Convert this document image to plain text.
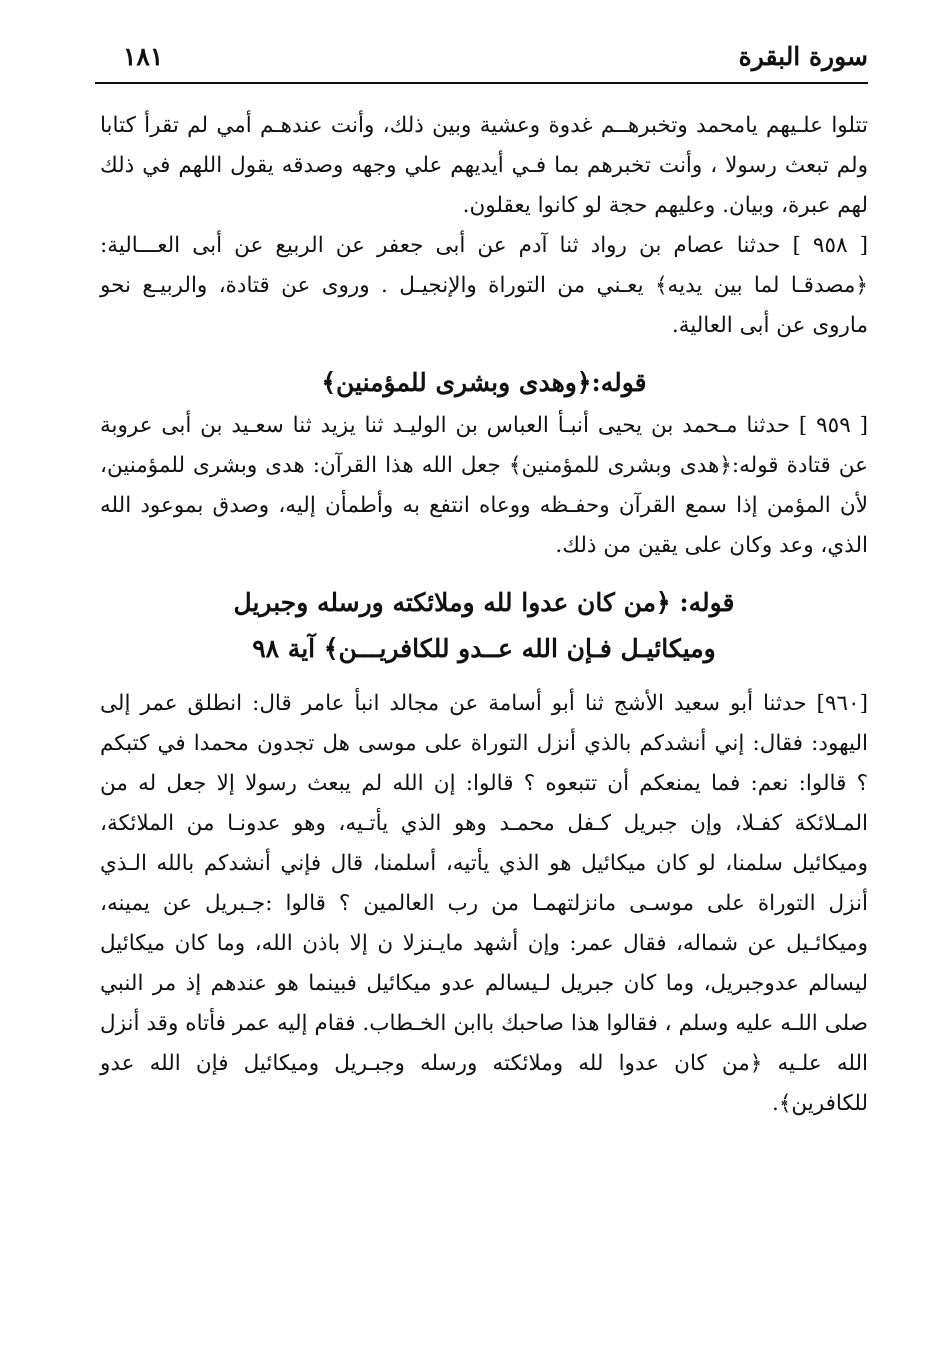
سورة البقرة
١٨١

تتلوا علـيهم يامحمد وتخبرهــم غدوة وعشية وبين ذلك، وأنت عندهـم أمي لم تقرأ كتابا ولم تبعث رسولا ، وأنت تخبرهم بما فـي أيديهم علي وجهه وصدقه يقول اللهم في ذلك لهم عبرة، وبيان. وعليهم حجة لو كانوا يعقلون.

[ ٩٥٨ ] حدثنا عصام بن رواد ثنا آدم عن أبى جعفر عن الربيع عن أبى العـــالية: ﴿مصدقـا لما بين يديه﴾ يعـني من التوراة والإنجيـل . وروى عن قتادة، والربيـع نحو ماروى عن أبى العالية.

قوله:﴿وهدى وبشرى للمؤمنين﴾

[ ٩٥٩ ] حدثنا مـحمد بن يحيى أنبـأ العباس بن الوليـد ثنا يزيد ثنا سعـيد بن أبى عروبة عن قتادة قوله:﴿هدى وبشرى للمؤمنين﴾ جعل الله هذا القرآن: هدى وبشرى للمؤمنين، لأن المؤمن إذا سمع القرآن وحفـظه ووعاه انتفع به وأطمأن إليه، وصدق بموعود الله الذي، وعد وكان على يقين من ذلك.

قوله: ﴿من كان عدوا لله وملائكته ورسله وجبريل
وميكائيـل فـإن الله عــدو للكافريـــن﴾ آية ٩٨

[٩٦٠] حدثنا أبو سعيد الأشج ثنا أبو أسامة عن مجالد انبأ عامر قال: انطلق عمر إلى اليهود: فقال: إني أنشدكم بالذي أنزل التوراة على موسى هل تجدون محمدا في كتبكم ؟ قالوا: نعم: فما يمنعكم أن تتبعوه ؟ قالوا: إن الله لم يبعث رسولا إلا جعل له من المـلائكة كفـلا، وإن جبريل كـفل محمـد وهو الذي يأتـيه، وهو عدونـا من الملائكة، وميكائيل سلمنا، لو كان ميكائيل هو الذي يأتيه، أسلمنا، قال فإني أنشدكم بالله الـذي أنزل التوراة على موسـى مانزلتهمـا من رب العالمين ؟ قالوا :جـبريل عن يمينه، وميكائـيل عن شماله، فقال عمر: وإن أشهد مايـنزلا ن إلا باذن الله، وما كان ميكائيل ليسالم عدوجبريل، وما كان جبريل لـيسالم عدو ميكائيل فبينما هو عندهم إذ مر النبي صلى اللـه عليه وسلم ، فقالوا هذا صاحبك باابن الخـطاب. فقام إليه عمر فأتاه وقد أنزل الله علـيه ﴿من كان عدوا لله وملائكته ورسله وجبـريل وميكائيل فإن الله عدو للكافرين﴾.
